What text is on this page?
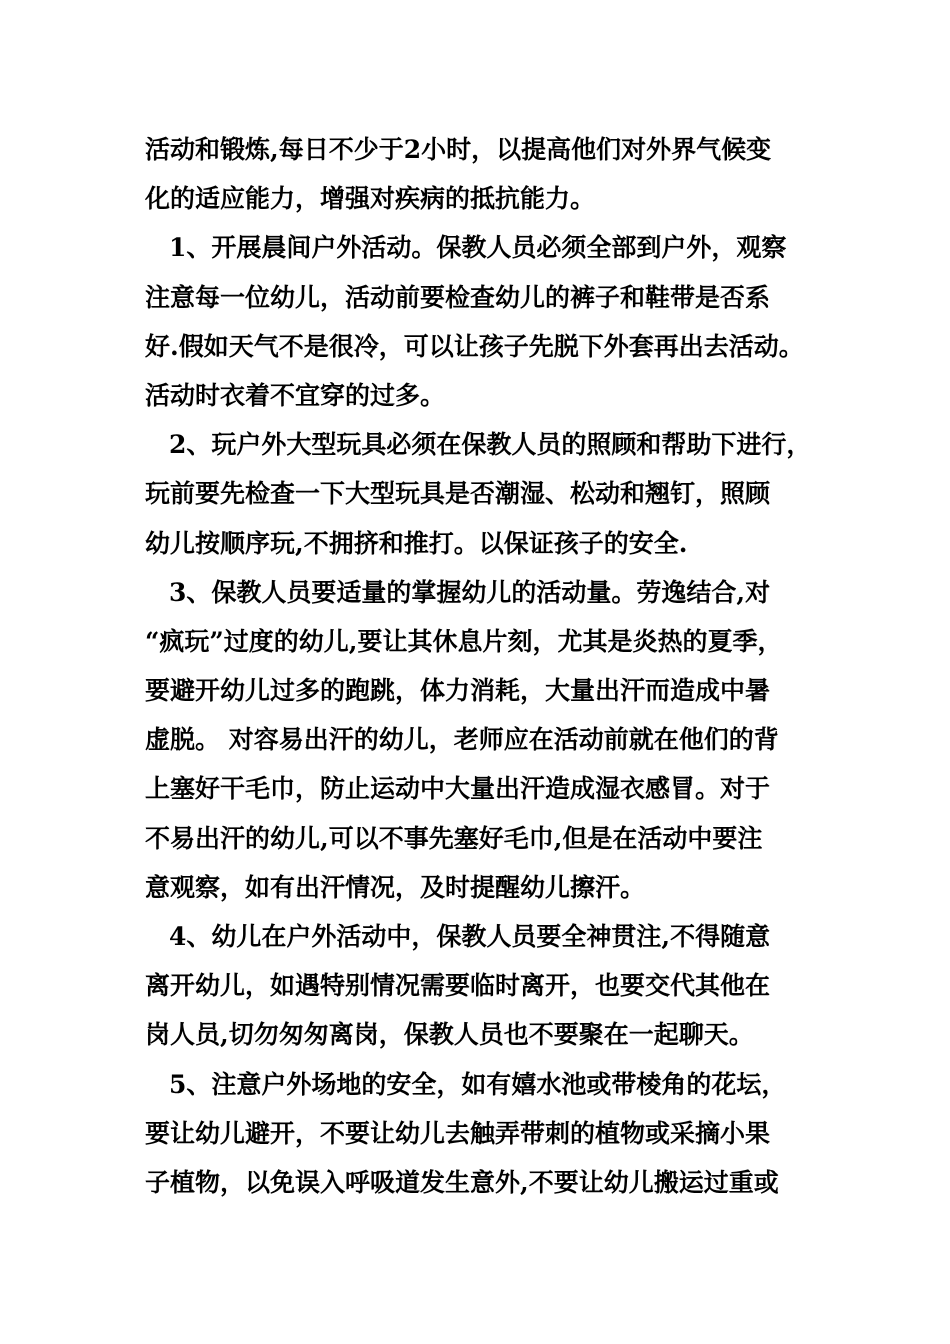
活动和锻炼,每日不少于2小时，以提高他们对外界气候变
化的适应能力，增强对疾病的抵抗能力。
1、开展晨间户外活动。保教人员必须全部到户外，观察
注意每一位幼儿，活动前要检查幼儿的裤子和鞋带是否系
好.假如天气不是很冷，可以让孩子先脱下外套再出去活动。
活动时衣着不宜穿的过多。
2、玩户外大型玩具必须在保教人员的照顾和帮助下进行，
玩前要先检查一下大型玩具是否潮湿、松动和翘钉，照顾
幼儿按顺序玩,不拥挤和推打。以保证孩子的安全.
3、保教人员要适量的掌握幼儿的活动量。劳逸结合,对
“疯玩”过度的幼儿,要让其休息片刻，尤其是炎热的夏季，
要避开幼儿过多的跑跳，体力消耗，大量出汗而造成中暑
虚脱。 对容易出汗的幼儿，老师应在活动前就在他们的背
上塞好干毛巾，防止运动中大量出汗造成湿衣感冒。对于
不易出汗的幼儿,可以不事先塞好毛巾,但是在活动中要注
意观察，如有出汗情况，及时提醒幼儿擦汗。
4、幼儿在户外活动中，保教人员要全神贯注,不得随意
离开幼儿，如遇特别情况需要临时离开，也要交代其他在
岗人员,切勿匆匆离岗，保教人员也不要聚在一起聊天。
5、注意户外场地的安全，如有嬉水池或带棱角的花坛，
要让幼儿避开，不要让幼儿去触弄带刺的植物或采摘小果
子植物，以免误入呼吸道发生意外,不要让幼儿搬运过重或
